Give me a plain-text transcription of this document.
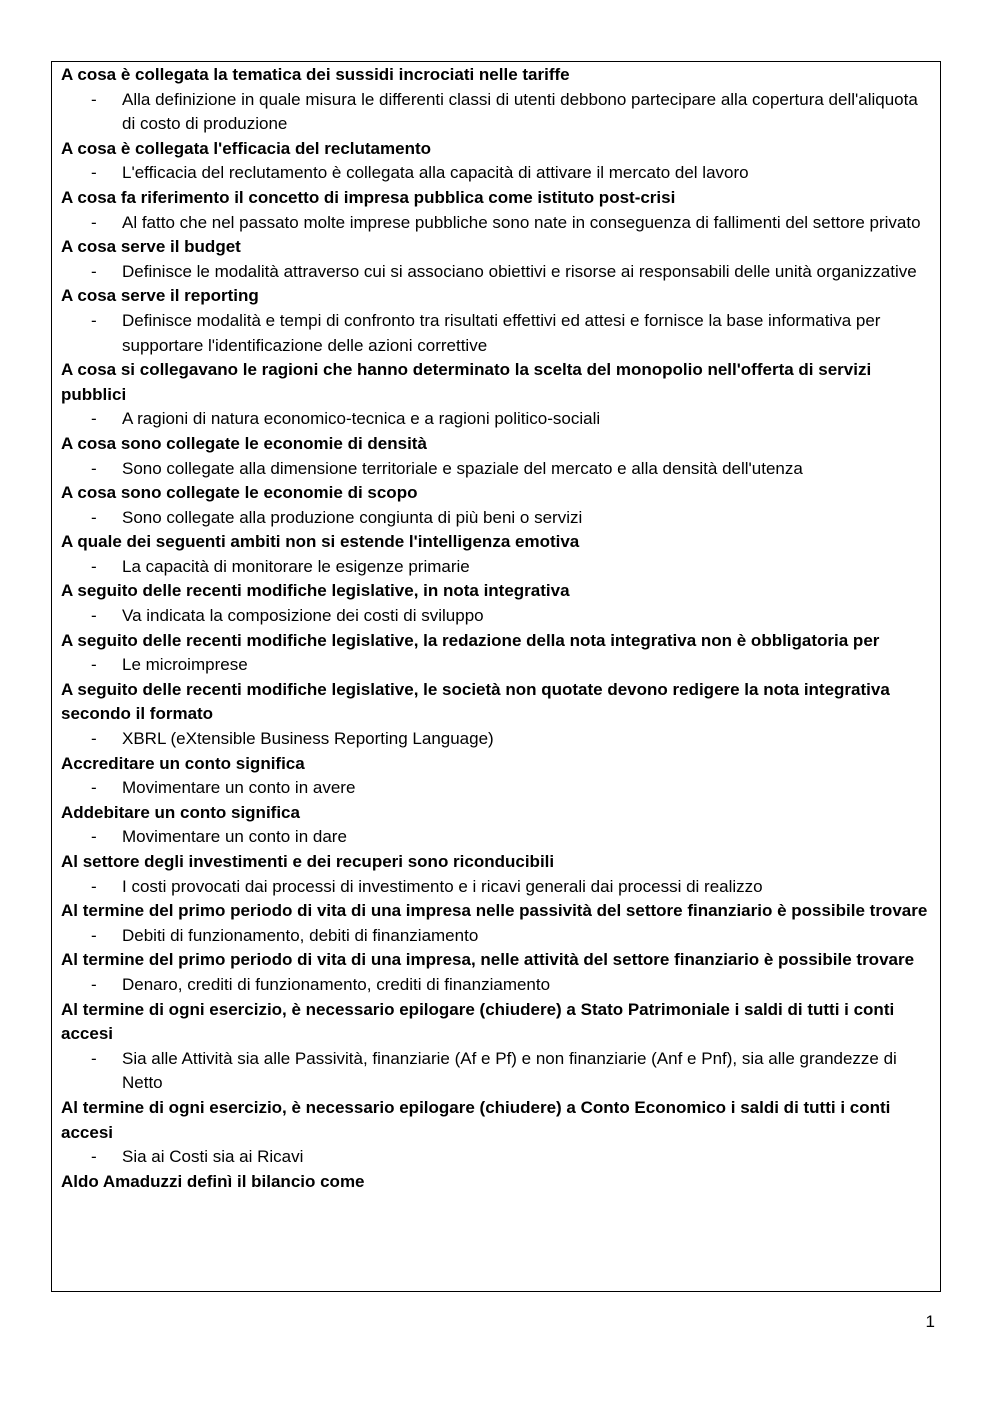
A cosa è collegata la tematica dei sussidi incrociati nelle tariffe

- Alla definizione in quale misura le differenti classi di utenti debbono partecipare alla copertura dell'aliquota di costo di produzione

A cosa è collegata l'efficacia del reclutamento

- L'efficacia del reclutamento è collegata alla capacità di attivare il mercato del lavoro

A cosa fa riferimento il concetto di impresa pubblica come istituto post-crisi

- Al fatto che nel passato molte imprese pubbliche sono nate in conseguenza di fallimenti del settore privato

A cosa serve il budget

- Definisce le modalità attraverso cui si associano obiettivi e risorse ai responsabili delle unità organizzative

A cosa serve il reporting

- Definisce modalità e tempi di confronto tra risultati effettivi ed attesi e fornisce la base informativa per supportare l'identificazione delle azioni correttive

A cosa si collegavano le ragioni che hanno determinato la scelta del monopolio nell'offerta di servizi pubblici

- A ragioni di natura economico-tecnica e a ragioni politico-sociali

A cosa sono collegate le economie di densità

- Sono collegate alla dimensione territoriale e spaziale del mercato e alla densità dell'utenza

A cosa sono collegate le economie di scopo

- Sono collegate alla produzione congiunta di più beni o servizi

A quale dei seguenti ambiti non si estende l'intelligenza emotiva

- La capacità di monitorare le esigenze primarie

A seguito delle recenti modifiche legislative, in nota integrativa

- Va indicata la composizione dei costi di sviluppo

A seguito delle recenti modifiche legislative, la redazione della nota integrativa non è obbligatoria per

- Le microimprese

A seguito delle recenti modifiche legislative, le società non quotate devono redigere la nota integrativa secondo il formato

- XBRL (eXtensible Business Reporting Language)

Accreditare un conto significa

- Movimentare un conto in avere

Addebitare un conto significa

- Movimentare un conto in dare

Al settore degli investimenti e dei recuperi sono riconducibili

- I costi provocati dai processi di investimento e i ricavi generali dai processi di realizzo

Al termine del primo periodo di vita di una impresa nelle passività del settore finanziario è possibile trovare

- Debiti di funzionamento, debiti di finanziamento

Al termine del primo periodo di vita di una impresa, nelle attività del settore finanziario è possibile trovare

- Denaro, crediti di funzionamento, crediti di finanziamento

Al termine di ogni esercizio, è necessario epilogare (chiudere) a Stato Patrimoniale i saldi di tutti i conti accesi

- Sia alle Attività sia alle Passività, finanziarie (Af e Pf) e non finanziarie (Anf e Pnf), sia alle grandezze di Netto

Al termine di ogni esercizio, è necessario epilogare (chiudere) a Conto Economico i saldi di tutti i conti accesi

- Sia ai Costi sia ai Ricavi

Aldo Amaduzzi definì il bilancio come

1
